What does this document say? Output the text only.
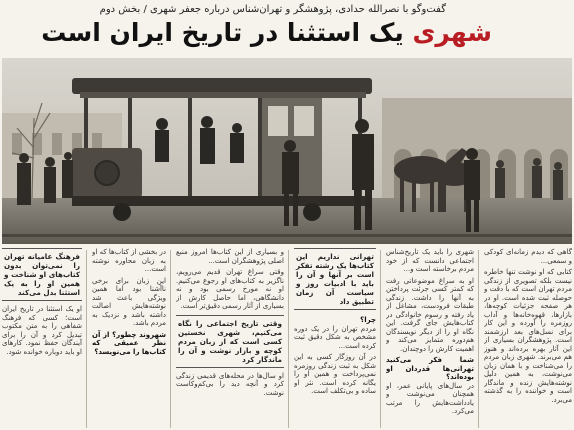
گفت‌وگو با نصرالله حدادی، پژوهشگر و تهران‌شناس درباره جعفر شهری / بخش دوم
شهری یک استثنا در تاریخ ایران است

گاهی که دیدم زمانه‌ای کودکی و سمعی...

کتابی که او نوشت تنها خاطره نیست بلکه تصویری از زندگی مردم تهران است که با دقت و حوصله ثبت شده است. او در هر صفحه جزئیات کوچه‌ها، بازارها، قهوه‌خانه‌ها و آداب روزمره را آورده و این کار برای نسل‌های بعد ارزشمند است. پژوهشگران بسیاری از این آثار بهره برده‌اند و هنوز هم می‌برند. شهری زبان مردم را می‌شناخت و با همان زبان می‌نوشت، به همین دلیل نوشته‌هایش زنده و ماندگار است و خواننده را به گذشته می‌برد.

شهری را باید یک تاریخ‌شناس اجتماعی دانست که از خود مردم برخاسته است و...

او به سراغ موضوعاتی رفت که کمتر کسی جرئت پرداختن به آنها را داشت. زندگی طبقات فرودست، مشاغل از یاد رفته و رسوم خانوادگی در کتاب‌هایش جای گرفت. این نگاه او را از دیگر نویسندگان هم‌دوره متمایز می‌کند و اهمیت کارش را دوچندان.

شما فکر می‌کنید تهرانی‌ها قدردان او بوده‌اند؟

در سال‌های پایانی عمر، او همچنان می‌نوشت و یادداشت‌هایش را مرتب می‌کرد.

تهرانی نداریم این کتاب‌ها یک رشته تفکر است بر آنها و آن را باید با ادبیات روز و سیاست آن زمان تطبیق داد
چرا؟

مردم تهران را در یک دوره مشخص به شکل دقیق ثبت کرده است...

در آن روزگار کسی به این شکل به ثبت زندگی روزمره نمی‌پرداخت و همین او را یگانه کرده است. نثر او ساده و بی‌تکلف است.

و بسیاری از این کتاب‌ها امروز منبع اصلی پژوهشگران است...

وقتی سراغ تهران قدیم می‌رویم، ناگزیر به کتاب‌های او رجوع می‌کنیم. او نه مورخ رسمی بود و نه دانشگاهی، اما حاصل کارش از بسیاری از آثار رسمی دقیق‌تر است.

وقتی تاریخ اجتماعی را نگاه می‌کنیم، شهری نخستین کسی است که از زبان مردم کوچه و بازار نوشت و آن را ماندگار کرد

او سال‌ها در محله‌های قدیمی زندگی کرد و آنچه دید را بی‌کم‌وکاست نوشت.

در بخشی از کتاب‌ها که او به زبان محاوره نوشته است...

این زبان برای برخی ناآشنا بود اما همین ویژگی باعث شد نوشته‌هایش اصالت داشته باشد و نزدیک به مردم باشد.

شهروند چطور؟ از آن نظر عمیقی که کتاب‌ها را می‌نویسد؟
فرهنگ عامیانه تهران را نمی‌توان بدون کتاب‌های او شناخت و همین او را به یک استثنا بدل می‌کند

او یک استثنا در تاریخ ایران است؛ کسی که فرهنگ شفاهی را به متن مکتوب تبدیل کرد و آن را برای آیندگان حفظ نمود. کارهای او باید دوباره خوانده شود.
